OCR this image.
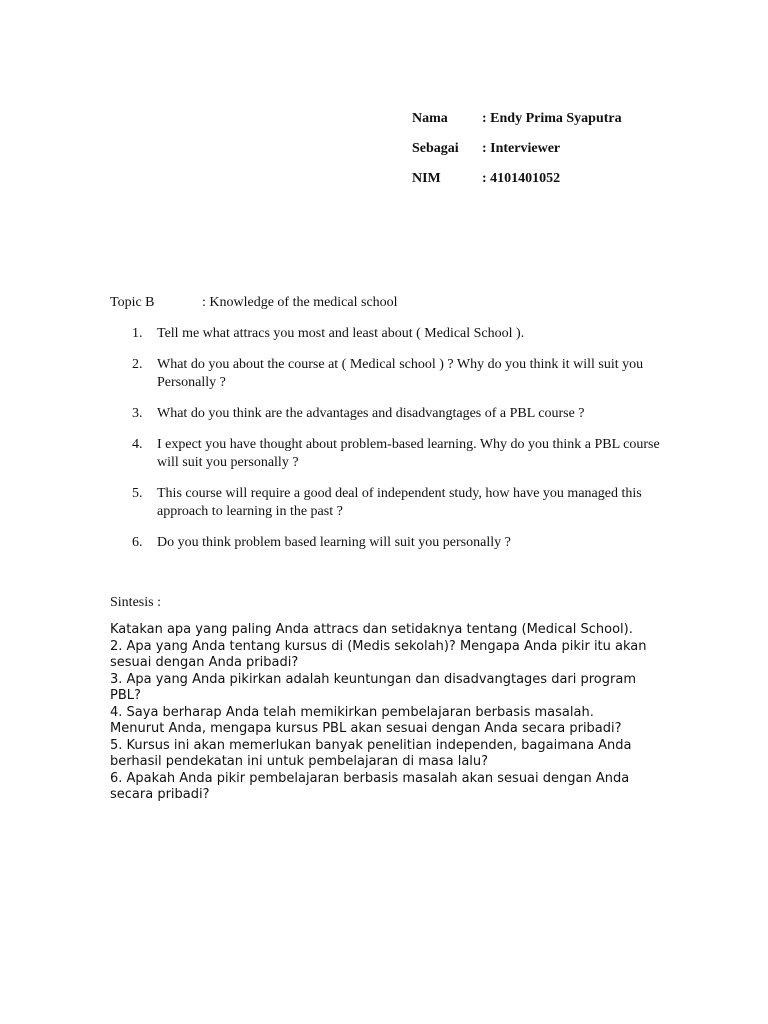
Nama	: Endy Prima Syaputra
Sebagai	: Interviewer
NIM	: 4101401052
Topic B	: Knowledge of the medical school
1.	Tell me what attracs you most and least about ( Medical School ).
2.	What do you about the course at ( Medical school ) ? Why do you think it will suit you Personally ?
3.	What do you think are the advantages and disadvangtages of a PBL course ?
4.	I expect you have thought about problem-based learning. Why do you think a PBL course will suit you personally ?
5.	This course will require a good deal of independent study, how have you managed this approach to learning in the past ?
6.	Do you think problem based learning will suit you personally ?
Sintesis :

Katakan apa yang paling Anda attracs dan setidaknya tentang (Medical School).

2. Apa yang Anda tentang kursus di (Medis sekolah)? Mengapa Anda pikir itu akan sesuai dengan Anda pribadi?

3. Apa yang Anda pikirkan adalah keuntungan dan disadvangtages dari program PBL?

4. Saya berharap Anda telah memikirkan pembelajaran berbasis masalah. Menurut Anda, mengapa kursus PBL akan sesuai dengan Anda secara pribadi?

5. Kursus ini akan memerlukan banyak penelitian independen, bagaimana Anda berhasil pendekatan ini untuk pembelajaran di masa lalu?

6. Apakah Anda pikir pembelajaran berbasis masalah akan sesuai dengan Anda secara pribadi?
